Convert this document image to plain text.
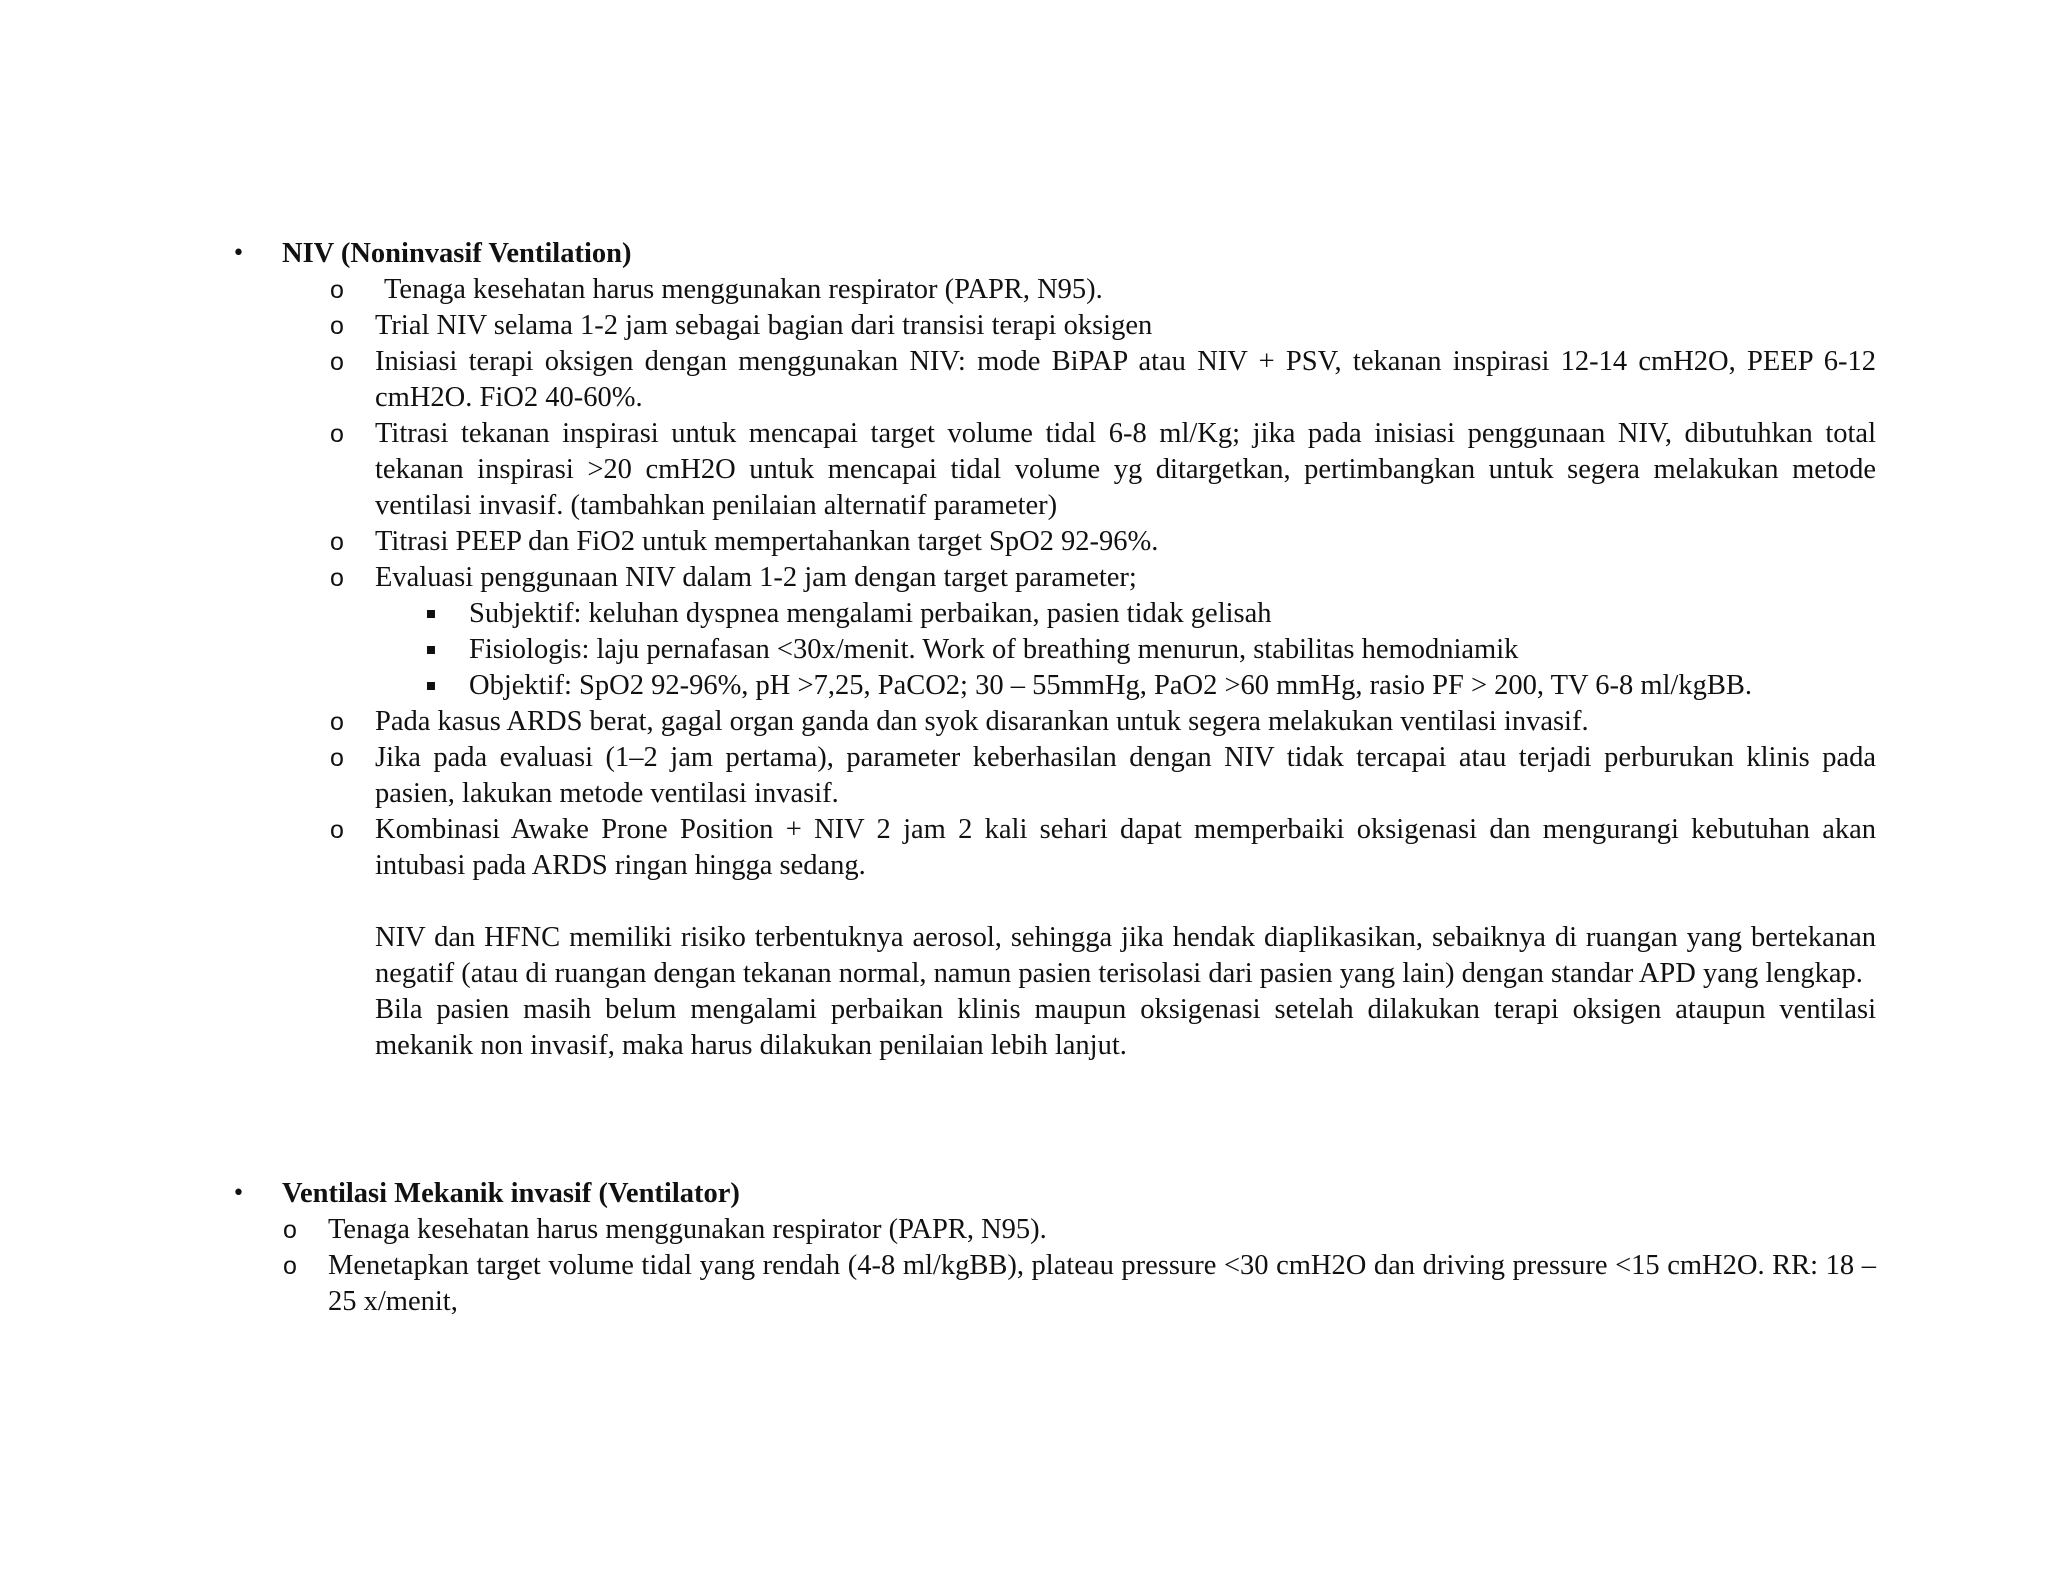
• NIV (Noninvasif Ventilation)
o	Tenaga kesehatan harus menggunakan respirator (PAPR, N95).
o Trial NIV selama 1-2 jam sebagai bagian dari transisi terapi oksigen
o Inisiasi terapi oksigen dengan menggunakan NIV: mode BiPAP atau NIV + PSV, tekanan inspirasi 12-14 cmH2O, PEEP 6-12 cmH2O. FiO2 40-60%.
o Titrasi tekanan inspirasi untuk mencapai target volume tidal 6-8 ml/Kg; jika pada inisiasi penggunaan NIV, dibutuhkan total tekanan inspirasi >20 cmH2O untuk mencapai tidal volume yg ditargetkan, pertimbangkan untuk segera melakukan metode ventilasi invasif. (tambahkan penilaian alternatif parameter)
o Titrasi PEEP dan FiO2 untuk mempertahankan target SpO2 92-96%.
o Evaluasi penggunaan NIV dalam 1-2 jam dengan target parameter;
Subjektif: keluhan dyspnea mengalami perbaikan, pasien tidak gelisah
Fisiologis: laju pernafasan <30x/menit. Work of breathing menurun, stabilitas hemodniamik
Objektif: SpO2 92-96%, pH >7,25, PaCO2; 30 – 55mmHg, PaO2 >60 mmHg, rasio PF > 200, TV 6-8 ml/kgBB.
o Pada kasus ARDS berat, gagal organ ganda dan syok disarankan untuk segera melakukan ventilasi invasif.
o Jika pada evaluasi (1–2 jam pertama), parameter keberhasilan dengan NIV tidak tercapai atau terjadi perburukan klinis pada pasien, lakukan metode ventilasi invasif.
o Kombinasi Awake Prone Position + NIV 2 jam 2 kali sehari dapat memperbaiki oksigenasi dan mengurangi kebutuhan akan intubasi pada ARDS ringan hingga sedang.
NIV dan HFNC memiliki risiko terbentuknya aerosol, sehingga jika hendak diaplikasikan, sebaiknya di ruangan yang bertekanan negatif (atau di ruangan dengan tekanan normal, namun pasien terisolasi dari pasien yang lain) dengan standar APD yang lengkap.
Bila pasien masih belum mengalami perbaikan klinis maupun oksigenasi setelah dilakukan terapi oksigen ataupun ventilasi mekanik non invasif, maka harus dilakukan penilaian lebih lanjut.
• Ventilasi Mekanik invasif (Ventilator)
o Tenaga kesehatan harus menggunakan respirator (PAPR, N95).
o Menetapkan target volume tidal yang rendah (4-8 ml/kgBB), plateau pressure <30 cmH2O dan driving pressure <15 cmH2O. RR: 18 – 25 x/menit,
